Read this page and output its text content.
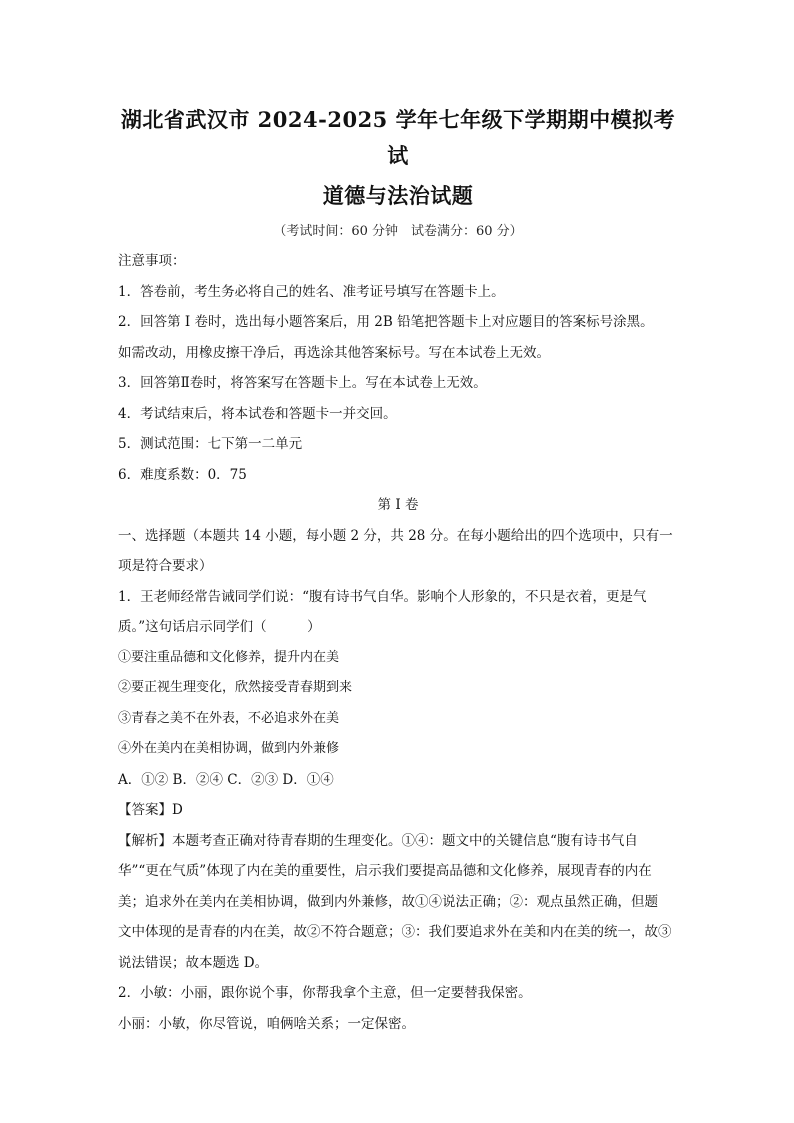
湖北省武汉市 2024-2025 学年七年级下学期期中模拟考试
道德与法治试题
（考试时间：60 分钟　试卷满分：60 分）

注意事项：

1．答卷前，考生务必将自己的姓名、准考证号填写在答题卡上。

2．回答第 I 卷时，选出每小题答案后，用 2B 铅笔把答题卡上对应题目的答案标号涂黑。

如需改动，用橡皮擦干净后，再选涂其他答案标号。写在本试卷上无效。

3．回答第Ⅱ卷时，将答案写在答题卡上。写在本试卷上无效。

4．考试结束后，将本试卷和答题卡一并交回。

5．测试范围：七下第一二单元

6．难度系数：0．75

第 I 卷

一、选择题（本题共 14 小题，每小题 2 分，共 28 分。在每小题给出的四个选项中，只有一

项是符合要求）

1．王老师经常告诫同学们说：“腹有诗书气自华。影响个人形象的，不只是衣着，更是气

质。”这句话启示同学们（　　　）

①要注重品德和文化修养，提升内在美

②要正视生理变化，欣然接受青春期到来

③青春之美不在外表，不必追求外在美

④外在美内在美相协调，做到内外兼修

A．①② B．②④ C．②③ D．①④

【答案】D

【解析】本题考查正确对待青春期的生理变化。①④：题文中的关键信息“腹有诗书气自

华”“更在气质”体现了内在美的重要性，启示我们要提高品德和文化修养，展现青春的内在

美；追求外在美内在美相协调，做到内外兼修，故①④说法正确；②：观点虽然正确，但题

文中体现的是青春的内在美，故②不符合题意；③：我们要追求外在美和内在美的统一，故③

说法错误；故本题选 D。

2．小敏：小丽，跟你说个事，你帮我拿个主意，但一定要替我保密。

小丽：小敏，你尽管说，咱俩啥关系；一定保密。
